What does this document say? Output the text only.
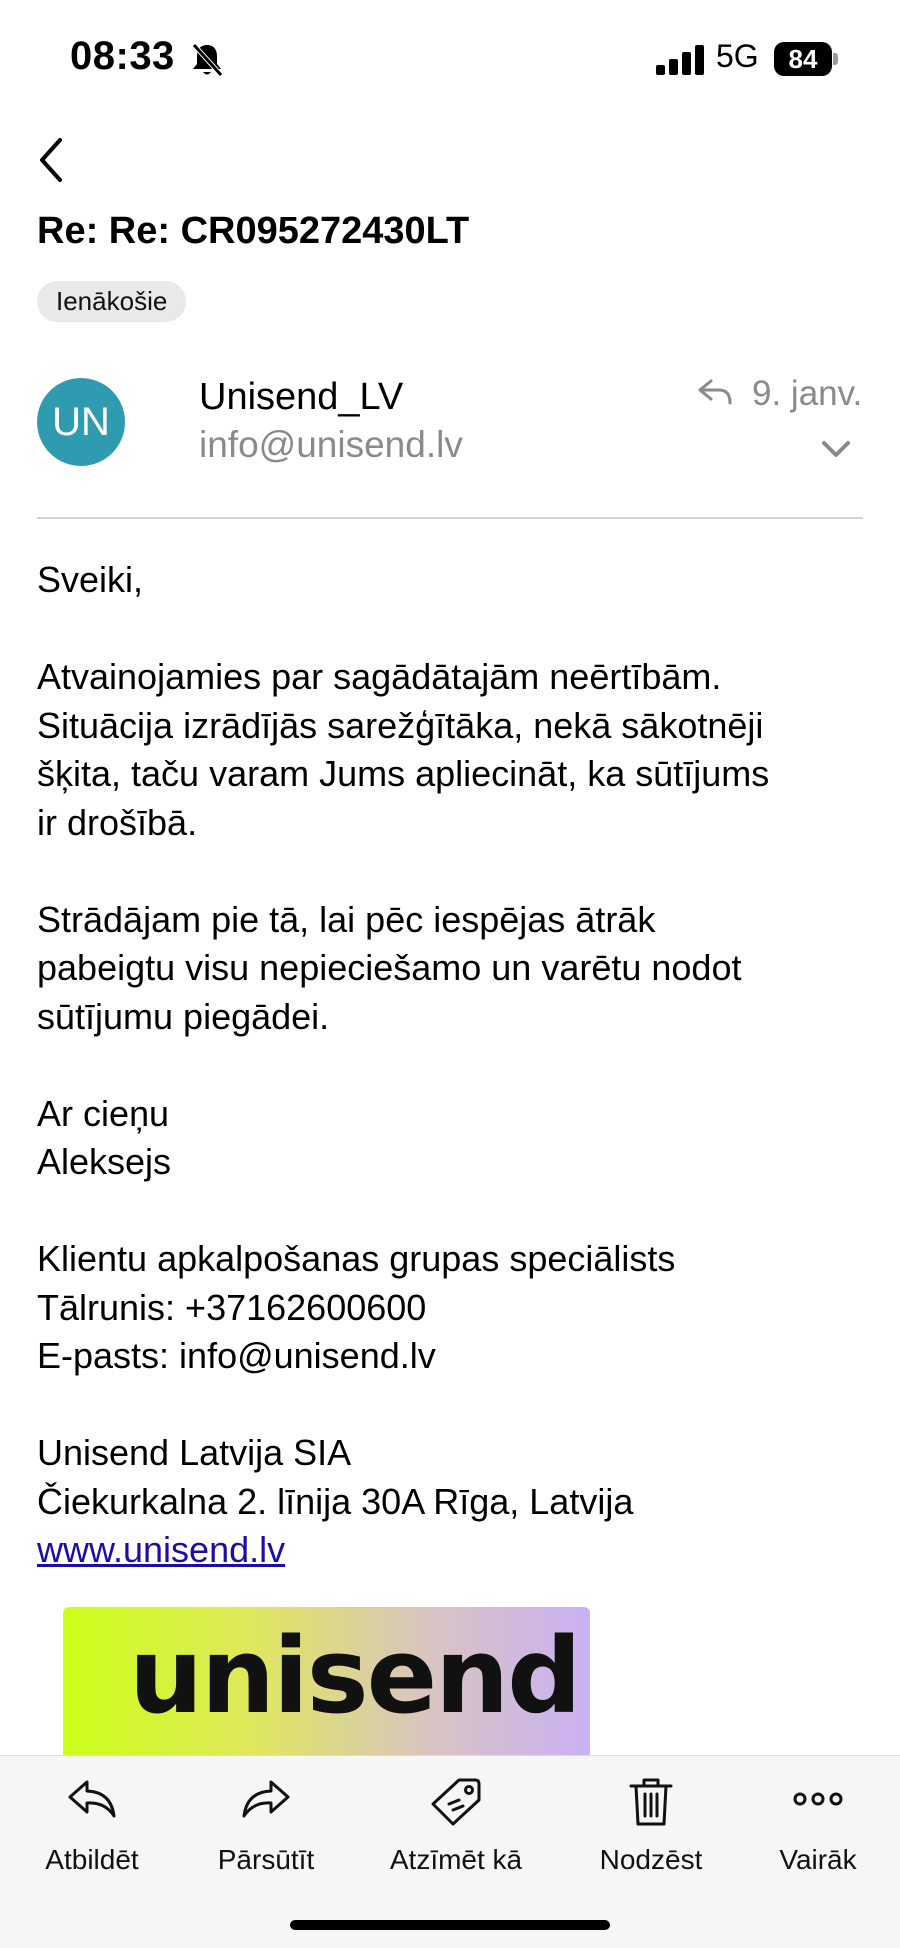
08:33	5G	84
Re: Re: CR095272430LT
Ienākošie
UN
Unisend_LV
info@unisend.lv
9. janv.

Sveiki,

Atvainojamies par sagādātajām neērtībām.
Situācija izrādījās sarežģītāka, nekā sākotnēji
šķita, taču varam Jums apliecināt, ka sūtījums
ir drošībā.

Strādājam pie tā, lai pēc iespējas ātrāk
pabeigtu visu nepieciešamo un varētu nodot
sūtījumu piegādei.

Ar cieņu
Aleksejs

Klientu apkalpošanas grupas speciālists
Tālrunis: +37162600600
E-pasts: info@unisend.lv

Unisend Latvija SIA
Čiekurkalna 2. līnija 30A Rīga, Latvija
www.unisend.lv

unisend
Atbildēt	Pārsūtīt	Atzīmēt kā	Nodzēst	Vairāk
